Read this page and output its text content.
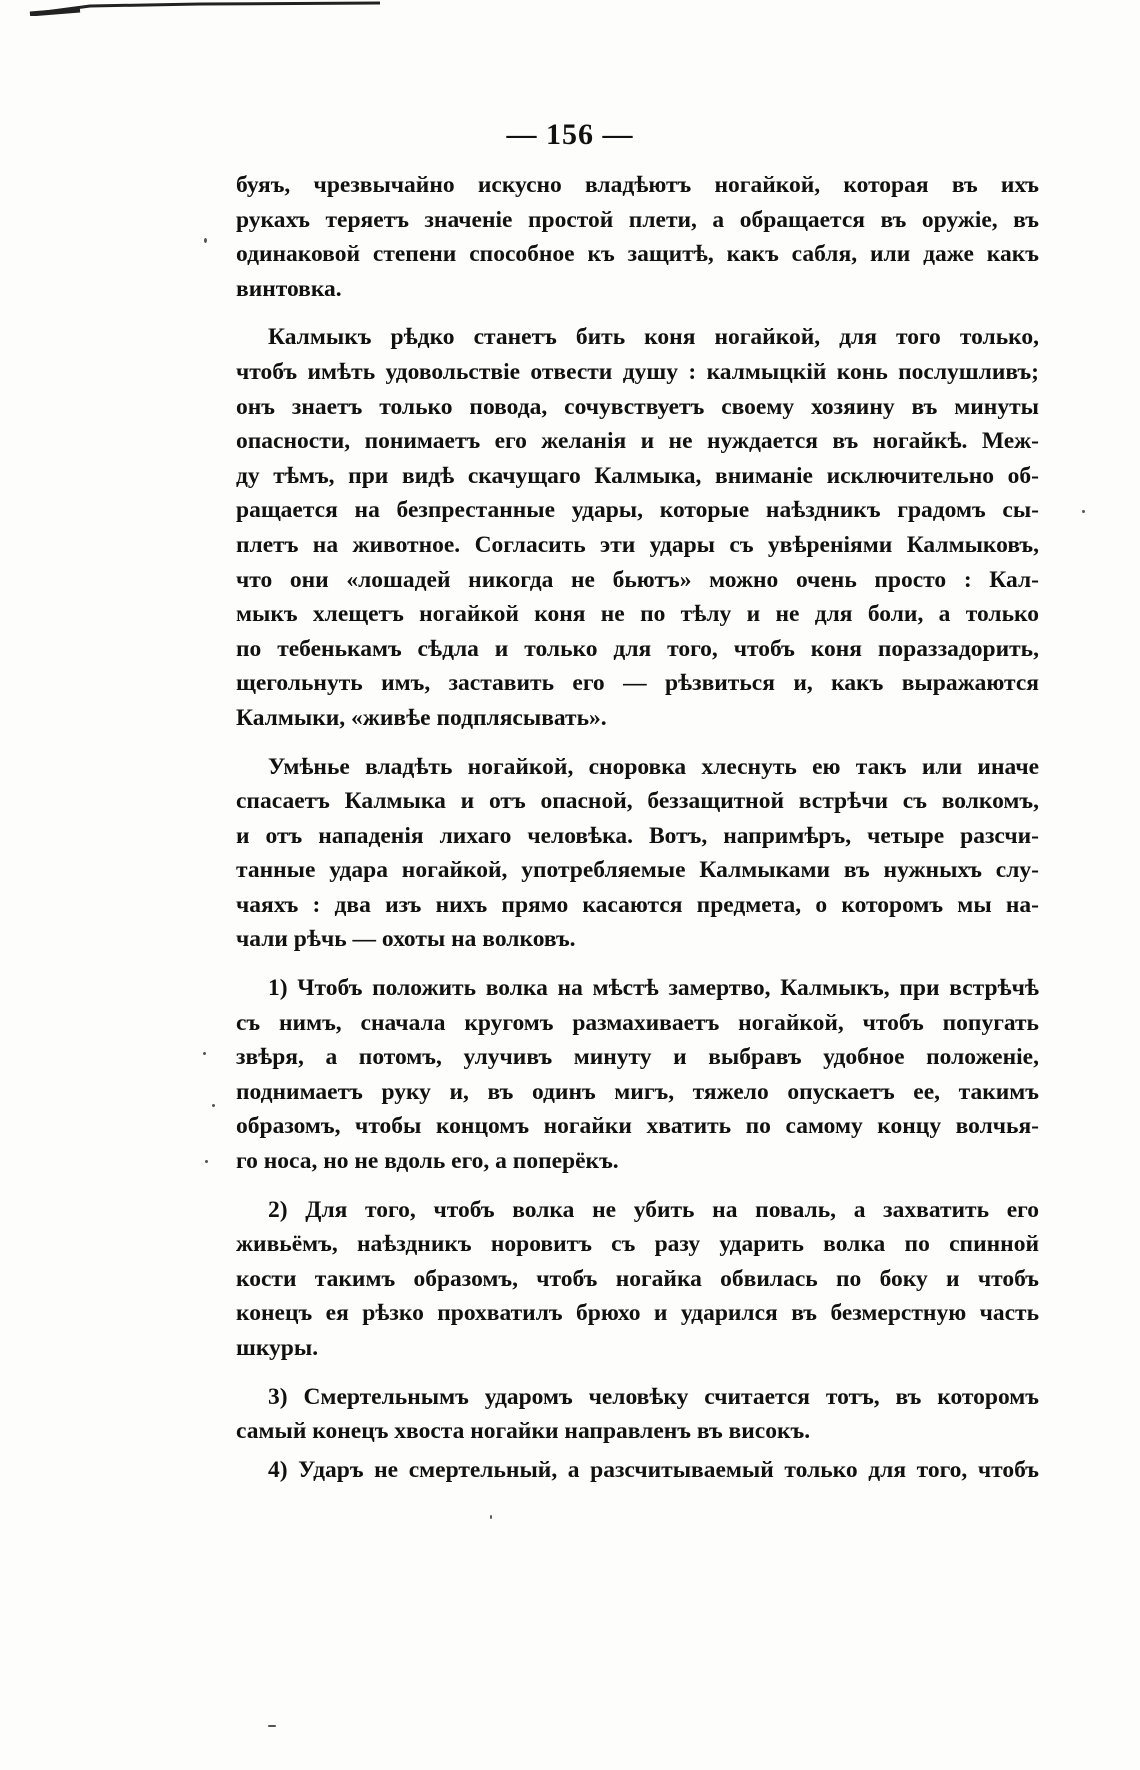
— 156 —
буяъ, чрезвычайно искусно владѣютъ ногайкой, которая въ ихъ
рукахъ теряетъ значеніе простой плети, а обращается въ оружіе, въ
одинаковой степени способное къ защитѣ, какъ сабля, или даже какъ
винтовка.
Калмыкъ рѣдко станетъ бить коня ногайкой, для того только,
чтобъ имѣть удовольствіе отвести душу : калмыцкій конь послушливъ;
онъ знаетъ только повода, сочувствуетъ своему хозяину въ минуты
опасности, понимаетъ его желанія и не нуждается въ ногайкѣ. Меж-
ду тѣмъ, при видѣ скачущаго Калмыка, вниманіе исключительно об-
ращается на безпрестанные удары, которые наѣздникъ градомъ сы-
плетъ на животное. Согласить эти удары съ увѣреніями Калмыковъ,
что они «лошадей никогда не бьютъ» можно очень просто : Кал-
мыкъ хлещетъ ногайкой коня не по тѣлу и не для боли, а только
по тебенькамъ сѣдла и только для того, чтобъ коня пораззадорить,
щегольнуть имъ, заставить его — рѣзвиться и, какъ выражаются
Калмыки, «живѣе подплясывать».
Умѣнье владѣть ногайкой, сноровка хлеснуть ею такъ или иначе
спасаетъ Калмыка и отъ опасной, беззащитной встрѣчи съ волкомъ,
и отъ нападенія лихаго человѣка. Вотъ, напримѣръ, четыре разсчи-
танные удара ногайкой, употребляемые Калмыками въ нужныхъ слу-
чаяхъ : два изъ нихъ прямо касаются предмета, о которомъ мы на-
чали рѣчь — охоты на волковъ.
1) Чтобъ положить волка на мѣстѣ замертво, Калмыкъ, при встрѣчѣ
съ нимъ, сначала кругомъ размахиваетъ ногайкой, чтобъ попугать
звѣря, а потомъ, улучивъ минуту и выбравъ удобное положеніе,
поднимаетъ руку и, въ одинъ мигъ, тяжело опускаетъ ее, такимъ
образомъ, чтобы концомъ ногайки хватить по самому концу волчья-
го носа, но не вдоль его, а поперёкъ.
2) Для того, чтобъ волка не убить на поваль, а захватить его
живьёмъ, наѣздникъ норовитъ съ разу ударить волка по спинной
кости такимъ образомъ, чтобъ ногайка обвилась по боку и чтобъ
конецъ ея рѣзко прохватилъ брюхо и ударился въ безмерстную часть
шкуры.
3) Смертельнымъ ударомъ человѣку считается тотъ, въ которомъ
самый конецъ хвоста ногайки направленъ въ високъ.
4) Ударъ не смертельный, а разсчитываемый только для того, чтобъ
